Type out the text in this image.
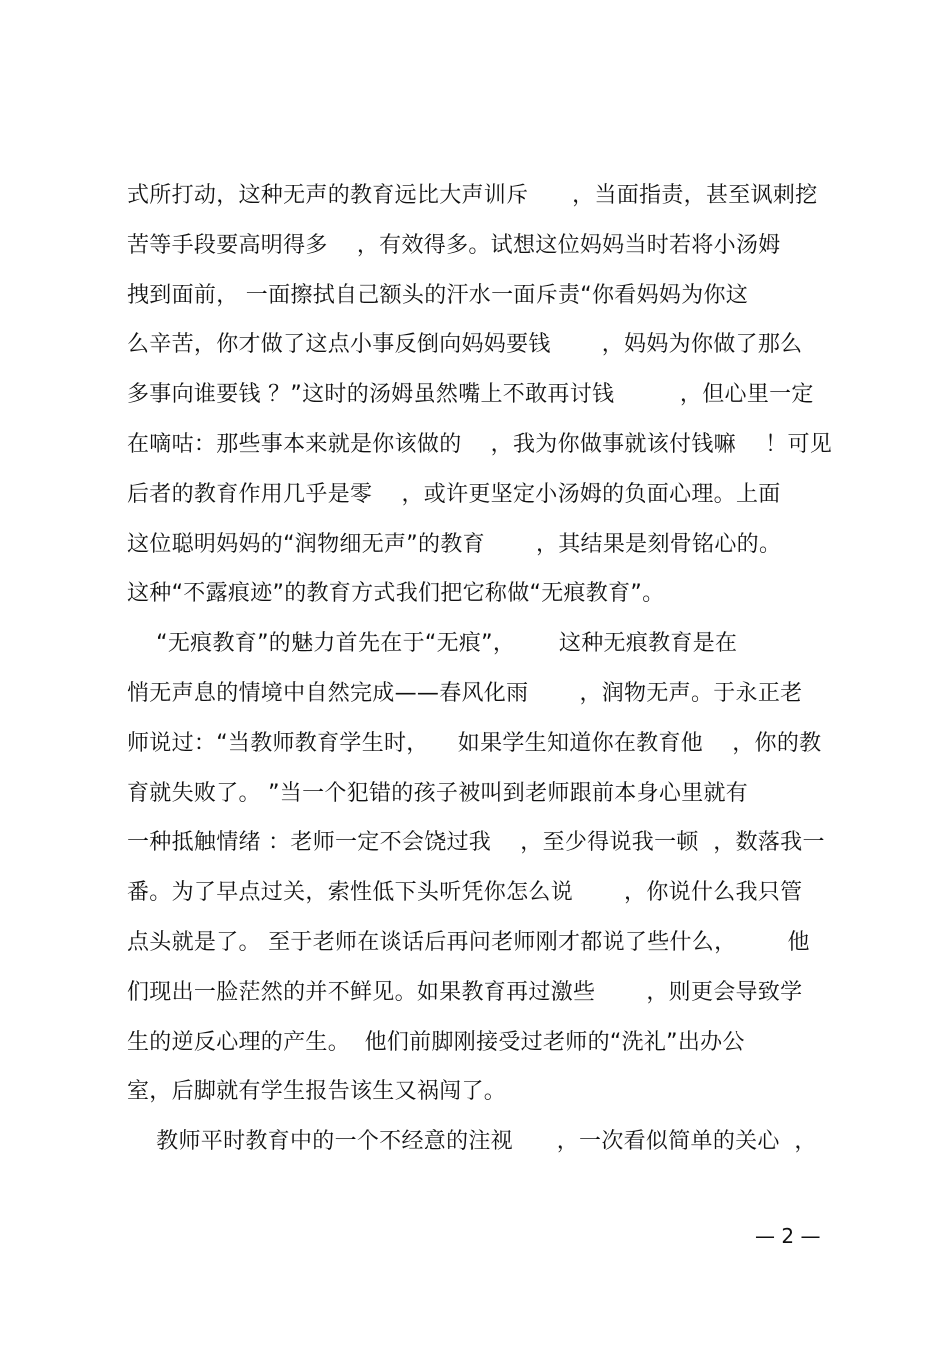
式所打动，这种无声的教育远比大声训斥      ，当面指责，甚至讽刺挖
苦等手段要高明得多    ，有效得多。试想这位妈妈当时若将小汤姆
拽到面前， 一面擦拭自己额头的汗水一面斥责“你看妈妈为你这
么辛苦，你才做了这点小事反倒向妈妈要钱       ，妈妈为你做了那么
多事向谁要钱 ？”这时的汤姆虽然嘴上不敢再讨钱         ，但心里一定
在嘀咕：那些事本来就是你该做的    ，我为你做事就该付钱嘛    ！可见
后者的教育作用几乎是零    ，或许更坚定小汤姆的负面心理。上面
这位聪明妈妈的“润物细无声”的教育       ，其结果是刻骨铭心的。
这种“不露痕迹”的教育方式我们把它称做“无痕教育”。
“无痕教育”的魅力首先在于“无痕”，      这种无痕教育是在
悄无声息的情境中自然完成——春风化雨       ，润物无声。于永正老
师说过：“当教师教育学生时，    如果学生知道你在教育他    ，你的教
育就失败了。 ”当一个犯错的孩子被叫到老师跟前本身心里就有
一种抵触情绪 ：老师一定不会饶过我    ，至少得说我一顿  ，数落我一
番。为了早点过关，索性低下头听凭你怎么说       ，你说什么我只管
点头就是了。 至于老师在谈话后再问老师刚才都说了些什么，       他
们现出一脸茫然的并不鲜见。如果教育再过激些       ，则更会导致学
生的逆反心理的产生。  他们前脚刚接受过老师的“洗礼”出办公
室，后脚就有学生报告该生又祸闯了。
教师平时教育中的一个不经意的注视      ，一次看似简单的关心  ，
— 2 —
